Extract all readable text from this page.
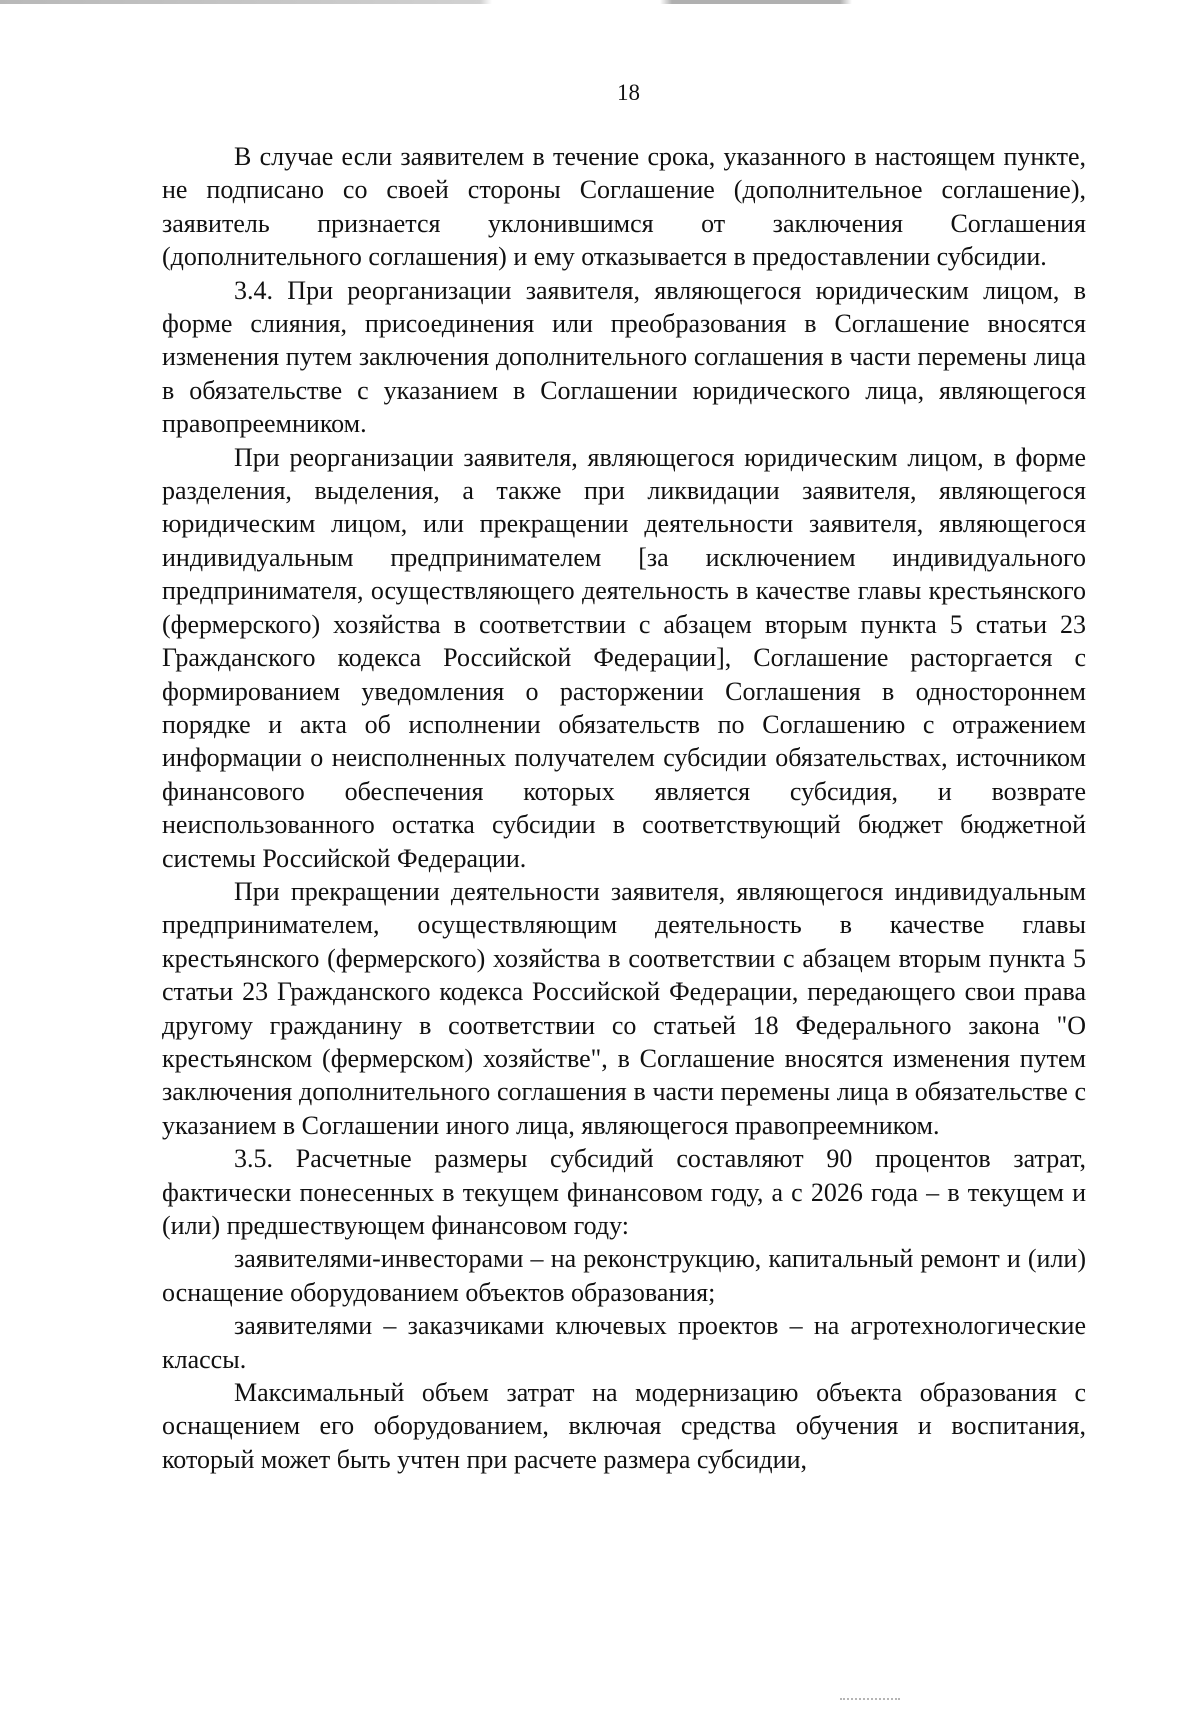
18

В случае если заявителем в течение срока, указанного в настоящем пункте, не подписано со своей стороны Соглашение (дополнительное соглашение), заявитель признается уклонившимся от заключения Соглашения (дополнительного соглашения) и ему отказывается в предоставлении субсидии.

3.4. При реорганизации заявителя, являющегося юридическим лицом, в форме слияния, присоединения или преобразования в Соглашение вносятся изменения путем заключения дополнительного соглашения в части перемены лица в обязательстве с указанием в Соглашении юридического лица, являющегося правопреемником.

При реорганизации заявителя, являющегося юридическим лицом, в форме разделения, выделения, а также при ликвидации заявителя, являющегося юридическим лицом, или прекращении деятельности заявителя, являющегося индивидуальным предпринимателем [за исключением индивидуального предпринимателя, осуществляющего деятельность в качестве главы крестьянского (фермерского) хозяйства в соответствии с абзацем вторым пункта 5 статьи 23 Гражданского кодекса Российской Федерации], Соглашение расторгается с формированием уведомления о расторжении Соглашения в одностороннем порядке и акта об исполнении обязательств по Соглашению с отражением информации о неисполненных получателем субсидии обязательствах, источником финансового обеспечения которых является субсидия, и возврате неиспользованного остатка субсидии в соответствующий бюджет бюджетной системы Российской Федерации.

При прекращении деятельности заявителя, являющегося индивидуальным предпринимателем, осуществляющим деятельность в качестве главы крестьянского (фермерского) хозяйства в соответствии с абзацем вторым пункта 5 статьи 23 Гражданского кодекса Российской Федерации, передающего свои права другому гражданину в соответствии со статьей 18 Федерального закона "О крестьянском (фермерском) хозяйстве", в Соглашение вносятся изменения путем заключения дополнительного соглашения в части перемены лица в обязательстве с указанием в Соглашении иного лица, являющегося правопреемником.

3.5. Расчетные размеры субсидий составляют 90 процентов затрат, фактически понесенных в текущем финансовом году, а с 2026 года – в текущем и (или) предшествующем финансовом году:

заявителями-инвесторами – на реконструкцию, капитальный ремонт и (или) оснащение оборудованием объектов образования;

заявителями – заказчиками ключевых проектов – на агротехнологические классы.

Максимальный объем затрат на модернизацию объекта образования с оснащением его оборудованием, включая средства обучения и воспитания, который может быть учтен при расчете размера субсидии,
